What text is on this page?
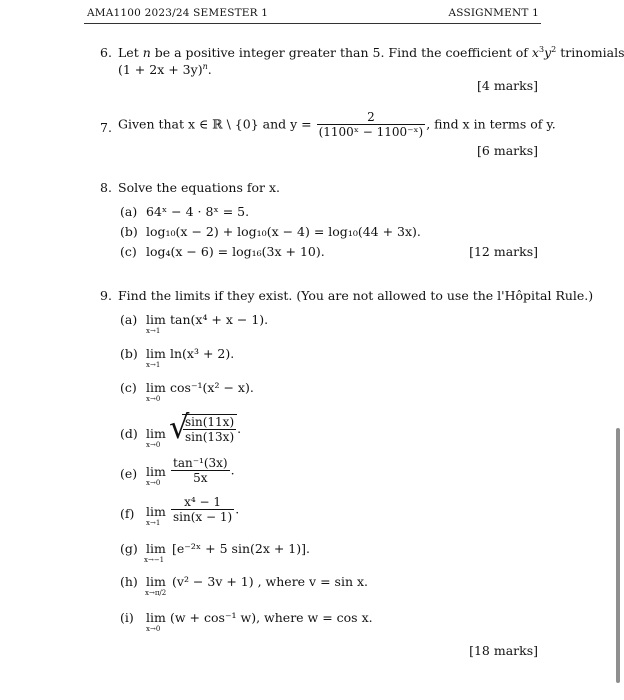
AMA1100 2023/24 SEMESTER 1	ASSIGNMENT 1
6. Let n be a positive integer greater than 5. Find the coefficient of $x^3y^2$ trinomials
$(1 + 2x + 3y)^n$.
[4 marks]
7. Given that x ∈ ℝ \ {0} and $y = \frac{2}{\text{(1100ˣ − 1100⁻ˣ)}}$ , find x in terms of y.
[6 marks]
8. Solve the equations for x.
(a) 64ˣ − 4 · 8ˣ = 5.
(b) log₁₀(x − 2) + log₁₀(x − 4) = log₁₀(44 + 3x).
(c) log₄(x − 6) = log₁₆(3x + 10).	[12 marks]
9. Find the limits if they exist. (You are not allowed to use the l'Hôpital Rule.)
(a) lim
x→1
tan(x⁴ + x − 1).
(b) lim
x→1
ln(x³ + 2).
(c) lim
x→0
cos⁻¹(x² − x).
(d) lim
x→0
√ $\frac{\sin(11x)}{\sin(13x)}$ .
(e) lim
$x\to 0 \frac{\text{tan⁻¹(3x)}}{5x}$ .
(f) lim
$x\to 1 \frac{\text{x⁴ − 1}}{\sin(x - 1)}$ .
(g) lim
x→−1
[e⁻²ˣ + 5 sin(2x + 1)].
(h) lim
x→π/2
(v² − 3v + 1) , where v = sin x.
(i) lim
x→0
(w + cos⁻¹ w), where w = cos x.
[18 marks]
